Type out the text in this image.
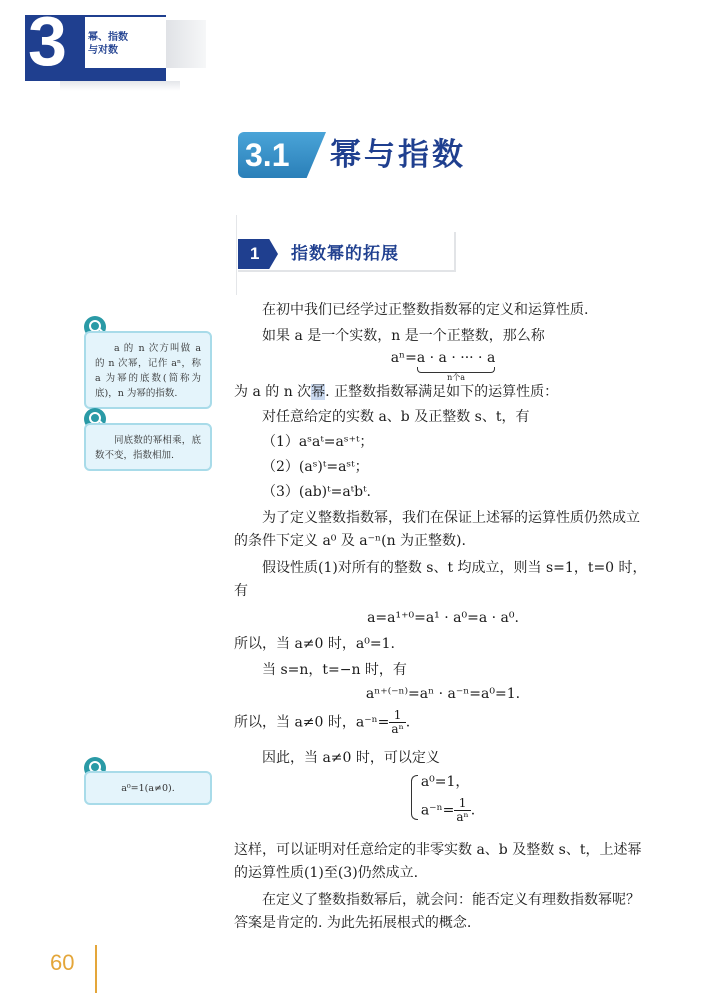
3	幂、指数
与对数
3.1 幂与指数
1 指数幂的拓展

a 的 n 次方叫做 a 的 n 次幂，记作 aⁿ，称 a 为幂的底数(简称为底)，n 为幂的指数.

同底数的幂相乘，底数不变，指数相加.

a⁰=1(a≠0).

在初中我们已经学过正整数指数幂的定义和运算性质.
如果 a 是一个实数，n 是一个正整数，那么称
aⁿ=a · a · ··· · a
n个a
为 a 的 n 次幂. 正整数指数幂满足如下的运算性质：
对任意给定的实数 a、b 及正整数 s、t，有
（1）aˢaᵗ=aˢ⁺ᵗ；
（2）(aˢ)ᵗ=aˢᵗ；
（3）(ab)ᵗ=aᵗbᵗ.
为了定义整数指数幂，我们在保证上述幂的运算性质仍然成立的条件下定义 a⁰ 及 a⁻ⁿ(n 为正整数).
假设性质(1)对所有的整数 s、t 均成立，则当 s=1，t=0 时，有
a=a¹⁺⁰=a¹ · a⁰=a · a⁰.
所以，当 a≠0 时，a⁰=1.
当 s=n，t=−n 时，有
aⁿ⁺⁽⁻ⁿ⁾=aⁿ · a⁻ⁿ=a⁰=1.
所以，当 a≠0 时，$a^{-n}= \frac{1}{\text{aⁿ}}$ .
因此，当 a≠0 时，可以定义
a⁰=1，
$a^{-n}= \frac{1}{\text{aⁿ}}$ .
这样，可以证明对任意给定的非零实数 a、b 及整数 s、t，上述幂的运算性质(1)至(3)仍然成立.
在定义了整数指数幂后，就会问：能否定义有理数指数幂呢？答案是肯定的. 为此先拓展根式的概念.
60
